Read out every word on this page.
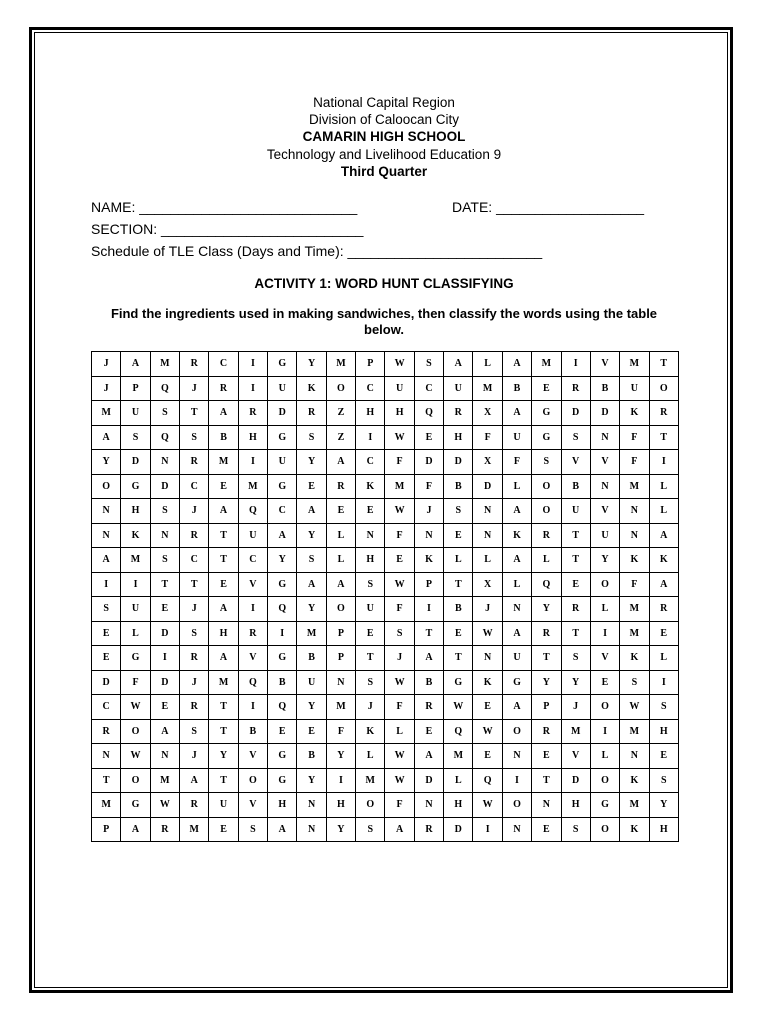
National Capital Region
Division of Caloocan City
CAMARIN HIGH SCHOOL
Technology and Livelihood Education 9
Third Quarter
NAME: ____________________________	DATE: ___________________
SECTION: __________________________
Schedule of TLE Class (Days and Time): _________________________
ACTIVITY 1: WORD HUNT CLASSIFYING
Find the ingredients used in making sandwiches, then classify the words using the table below.
J	A	M	R	C	I	G	Y	M	P	W	S	A	L	A	M	I	V	M	T
J	P	Q	J	R	I	U	K	O	C	U	C	U	M	B	E	R	B	U	O
M	U	S	T	A	R	D	R	Z	H	H	Q	R	X	A	G	D	D	K	R
A	S	Q	S	B	H	G	S	Z	I	W	E	H	F	U	G	S	N	F	T
Y	D	N	R	M	I	U	Y	A	C	F	D	D	X	F	S	V	V	F	I
O	G	D	C	E	M	G	E	R	K	M	F	B	D	L	O	B	N	M	L
N	H	S	J	A	Q	C	A	E	E	W	J	S	N	A	O	U	V	N	L
N	K	N	R	T	U	A	Y	L	N	F	N	E	N	K	R	T	U	N	A
A	M	S	C	T	C	Y	S	L	H	E	K	L	L	A	L	T	Y	K	K
I	I	T	T	E	V	G	A	A	S	W	P	T	X	L	Q	E	O	F	A
S	U	E	J	A	I	Q	Y	O	U	F	I	B	J	N	Y	R	L	M	R
E	L	D	S	H	R	I	M	P	E	S	T	E	W	A	R	T	I	M	E
E	G	I	R	A	V	G	B	P	T	J	A	T	N	U	T	S	V	K	L
D	F	D	J	M	Q	B	U	N	S	W	B	G	K	G	Y	Y	E	S	I
C	W	E	R	T	I	Q	Y	M	J	F	R	W	E	A	P	J	O	W	S
R	O	A	S	T	B	E	E	F	K	L	E	Q	W	O	R	M	I	M	H
N	W	N	J	Y	V	G	B	Y	L	W	A	M	E	N	E	V	L	N	E
T	O	M	A	T	O	G	Y	I	M	W	D	L	Q	I	T	D	O	K	S
M	G	W	R	U	V	H	N	H	O	F	N	H	W	O	N	H	G	M	Y
P	A	R	M	E	S	A	N	Y	S	A	R	D	I	N	E	S	O	K	H
